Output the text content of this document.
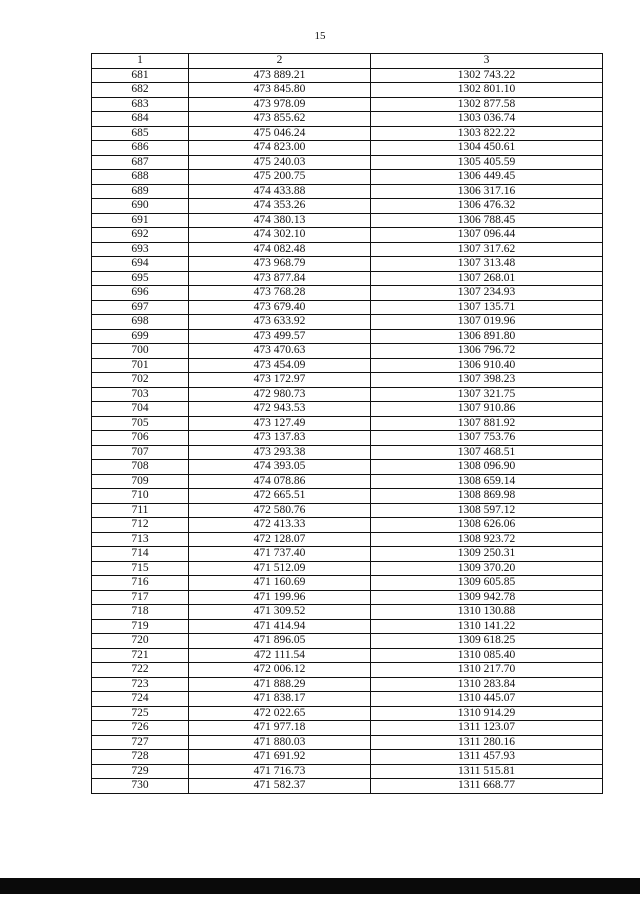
15
1	2	3
681	473 889.21	1302 743.22
682	473 845.80	1302 801.10
683	473 978.09	1302 877.58
684	473 855.62	1303 036.74
685	475 046.24	1303 822.22
686	474 823.00	1304 450.61
687	475 240.03	1305 405.59
688	475 200.75	1306 449.45
689	474 433.88	1306 317.16
690	474 353.26	1306 476.32
691	474 380.13	1306 788.45
692	474 302.10	1307 096.44
693	474 082.48	1307 317.62
694	473 968.79	1307 313.48
695	473 877.84	1307 268.01
696	473 768.28	1307 234.93
697	473 679.40	1307 135.71
698	473 633.92	1307 019.96
699	473 499.57	1306 891.80
700	473 470.63	1306 796.72
701	473 454.09	1306 910.40
702	473 172.97	1307 398.23
703	472 980.73	1307 321.75
704	472 943.53	1307 910.86
705	473 127.49	1307 881.92
706	473 137.83	1307 753.76
707	473 293.38	1307 468.51
708	474 393.05	1308 096.90
709	474 078.86	1308 659.14
710	472 665.51	1308 869.98
711	472 580.76	1308 597.12
712	472 413.33	1308 626.06
713	472 128.07	1308 923.72
714	471 737.40	1309 250.31
715	471 512.09	1309 370.20
716	471 160.69	1309 605.85
717	471 199.96	1309 942.78
718	471 309.52	1310 130.88
719	471 414.94	1310 141.22
720	471 896.05	1309 618.25
721	472 111.54	1310 085.40
722	472 006.12	1310 217.70
723	471 888.29	1310 283.84
724	471 838.17	1310 445.07
725	472 022.65	1310 914.29
726	471 977.18	1311 123.07
727	471 880.03	1311 280.16
728	471 691.92	1311 457.93
729	471 716.73	1311 515.81
730	471 582.37	1311 668.77
